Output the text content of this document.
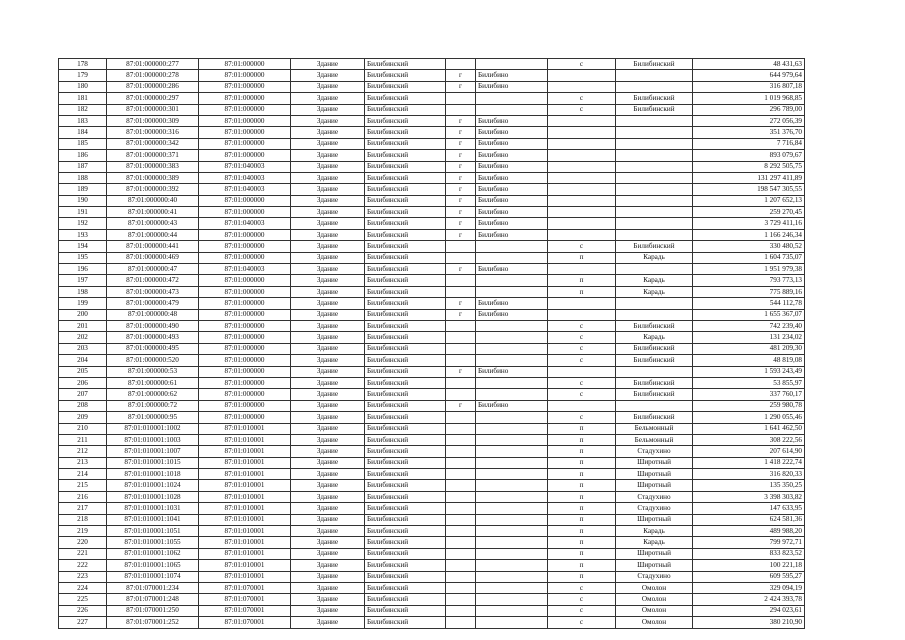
178	87:01:000000:277	87:01:000000	Здание	Билибинский			с	Билибинский	48 431,63
179	87:01:000000:278	87:01:000000	Здание	Билибинский	г	Билибино			644 979,64
180	87:01:000000:286	87:01:000000	Здание	Билибинский	г	Билибино			316 807,18
181	87:01:000000:297	87:01:000000	Здание	Билибинский			с	Билибинский	1 019 968,85
182	87:01:000000:301	87:01:000000	Здание	Билибинский			с	Билибинский	296 789,00
183	87:01:000000:309	87:01:000000	Здание	Билибинский	г	Билибино			272 056,39
184	87:01:000000:316	87:01:000000	Здание	Билибинский	г	Билибино			351 376,70
185	87:01:000000:342	87:01:000000	Здание	Билибинский	г	Билибино			7 716,84
186	87:01:000000:371	87:01:000000	Здание	Билибинский	г	Билибино			893 079,67
187	87:01:000000:383	87:01:040003	Здание	Билибинский	г	Билибино			8 292 505,75
188	87:01:000000:389	87:01:040003	Здание	Билибинский	г	Билибино			131 297 411,89
189	87:01:000000:392	87:01:040003	Здание	Билибинский	г	Билибино			198 547 305,55
190	87:01:000000:40	87:01:000000	Здание	Билибинский	г	Билибино			1 207 652,13
191	87:01:000000:41	87:01:000000	Здание	Билибинский	г	Билибино			259 270,45
192	87:01:000000:43	87:01:040003	Здание	Билибинский	г	Билибино			3 729 411,16
193	87:01:000000:44	87:01:000000	Здание	Билибинский	г	Билибино			1 166 246,34
194	87:01:000000:441	87:01:000000	Здание	Билибинский			с	Билибинский	330 480,52
195	87:01:000000:469	87:01:000000	Здание	Билибинский			п	Карадь	1 604 735,07
196	87:01:000000:47	87:01:040003	Здание	Билибинский	г	Билибино			1 951 979,38
197	87:01:000000:472	87:01:000000	Здание	Билибинский			п	Карадь	793 773,13
198	87:01:000000:473	87:01:000000	Здание	Билибинский			п	Карадь	775 889,16
199	87:01:000000:479	87:01:000000	Здание	Билибинский	г	Билибино			544 112,78
200	87:01:000000:48	87:01:000000	Здание	Билибинский	г	Билибино			1 655 367,07
201	87:01:000000:490	87:01:000000	Здание	Билибинский			с	Билибинский	742 239,40
202	87:01:000000:493	87:01:000000	Здание	Билибинский			с	Карадь	131 234,02
203	87:01:000000:495	87:01:000000	Здание	Билибинский			с	Билибинский	481 209,30
204	87:01:000000:520	87:01:000000	Здание	Билибинский			с	Билибинский	48 819,08
205	87:01:000000:53	87:01:000000	Здание	Билибинский	г	Билибино			1 593 243,49
206	87:01:000000:61	87:01:000000	Здание	Билибинский			с	Билибинский	53 855,97
207	87:01:000000:62	87:01:000000	Здание	Билибинский			с	Билибинский	337 760,17
208	87:01:000000:72	87:01:000000	Здание	Билибинский	г	Билибино			259 980,78
209	87:01:000000:95	87:01:000000	Здание	Билибинский			с	Билибинский	1 290 055,46
210	87:01:010001:1002	87:01:010001	Здание	Билибинский			п	Бельмонный	1 641 462,50
211	87:01:010001:1003	87:01:010001	Здание	Билибинский			п	Бельмонный	308 222,56
212	87:01:010001:1007	87:01:010001	Здание	Билибинский			п	Стадухино	207 614,90
213	87:01:010001:1015	87:01:010001	Здание	Билибинский			п	Широтный	1 418 222,74
214	87:01:010001:1018	87:01:010001	Здание	Билибинский			п	Широтный	316 820,33
215	87:01:010001:1024	87:01:010001	Здание	Билибинский			п	Широтный	135 350,25
216	87:01:010001:1028	87:01:010001	Здание	Билибинский			п	Стадухино	3 398 303,82
217	87:01:010001:1031	87:01:010001	Здание	Билибинский			п	Стадухино	147 633,95
218	87:01:010001:1041	87:01:010001	Здание	Билибинский			п	Широтный	624 581,36
219	87:01:010001:1051	87:01:010001	Здание	Билибинский			п	Карадь	489 988,20
220	87:01:010001:1055	87:01:010001	Здание	Билибинский			п	Карадь	799 972,71
221	87:01:010001:1062	87:01:010001	Здание	Билибинский			п	Широтный	833 823,52
222	87:01:010001:1065	87:01:010001	Здание	Билибинский			п	Широтный	100 221,18
223	87:01:010001:1074	87:01:010001	Здание	Билибинский			п	Стадухино	609 595,27
224	87:01:070001:234	87:01:070001	Здание	Билибинский			с	Омолон	329 094,19
225	87:01:070001:248	87:01:070001	Здание	Билибинский			с	Омолон	2 424 393,78
226	87:01:070001:250	87:01:070001	Здание	Билибинский			с	Омолон	294 023,61
227	87:01:070001:252	87:01:070001	Здание	Билибинский			с	Омолон	380 210,90
